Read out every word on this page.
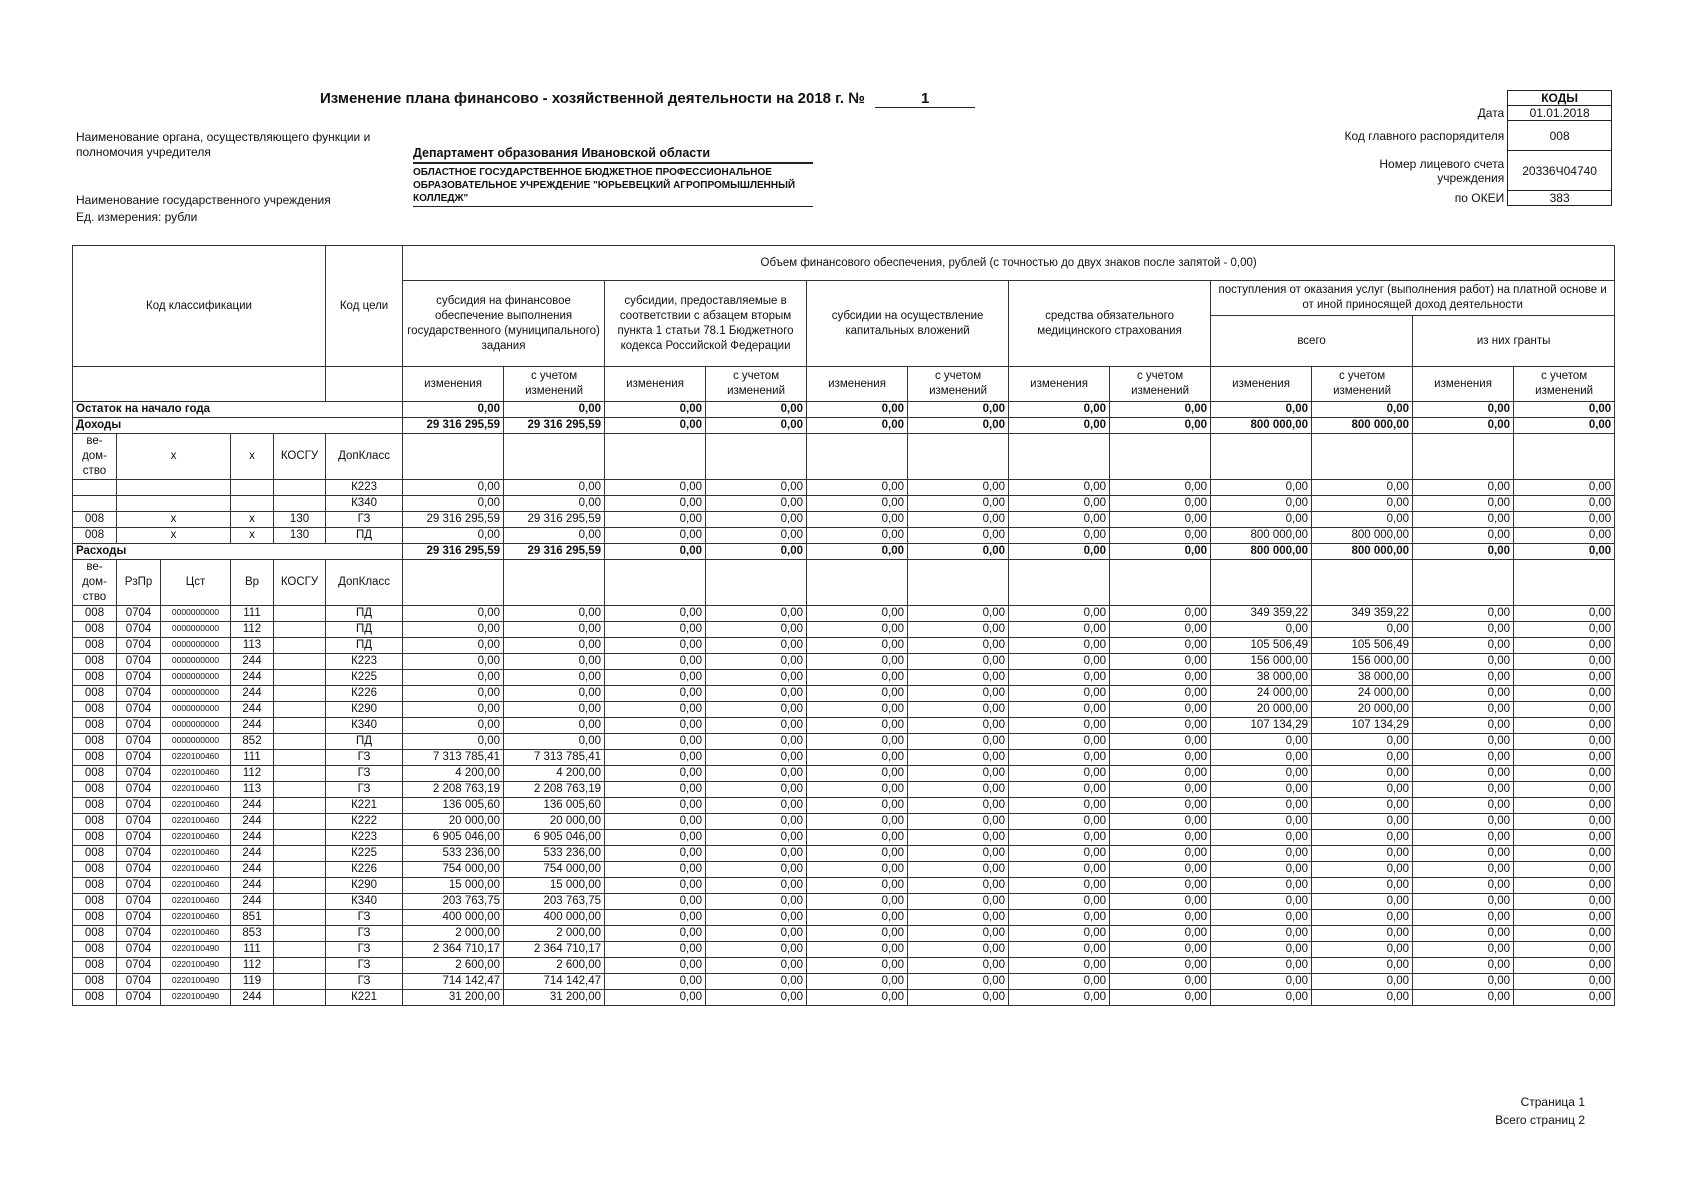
Изменение плана финансово - хозяйственной деятельности на 2018 г. №	1
Наименование органа, осуществляющего функции и полномочия учредителя	Департамент образования Ивановской области
ОБЛАСТНОЕ ГОСУДАРСТВЕННОЕ БЮДЖЕТНОЕ ПРОФЕССИОНАЛЬНОЕ ОБРАЗОВАТЕЛЬНОЕ УЧРЕЖДЕНИЕ "ЮРЬЕВЕЦКИЙ АГРОПРОМЫШЛЕННЫЙ КОЛЛЕДЖ"
Наименование государственного учреждения
Ед. измерения: рубли
	КОДЫ
Дата	01.01.2018
Код главного распорядителя	008
Номер лицевого счета учреждения	20336Ч04740
по ОКЕИ	383
Код классификации					Код цели	Объем финансового обеспечения, рублей (с точностью до двух знаков после запятой - 0,00)											
						субсидия на финансовое обеспечение выполнения государственного (муниципального) задания		субсидии, предоставляемые в соответствии с абзацем вторым пункта 1 статьи 78.1 Бюджетного кодекса Российской Федерации		субсидии на осуществление капитальных вложений		средства обязательного медицинского страхования		поступления от оказания услуг (выполнения работ) на платной основе и от иной приносящей доход деятельности			
														всего		из них гранты	
						изменения	с учетом изменений	изменения	с учетом изменений	изменения	с учетом изменений	изменения	с учетом изменений	изменения	с учетом изменений	изменения	с учетом изменений
Остаток на начало года						0,00	0,00	0,00	0,00	0,00	0,00	0,00	0,00	0,00	0,00	0,00	0,00
Доходы						29 316 295,59	29 316 295,59	0,00	0,00	0,00	0,00	0,00	0,00	800 000,00	800 000,00	0,00	0,00
ве-дом-ство	х		х	КОСГУ	ДопКласс												
					К223	0,00	0,00	0,00	0,00	0,00	0,00	0,00	0,00	0,00	0,00	0,00	0,00
					К340	0,00	0,00	0,00	0,00	0,00	0,00	0,00	0,00	0,00	0,00	0,00	0,00
008	х		х	130	ГЗ	29 316 295,59	29 316 295,59	0,00	0,00	0,00	0,00	0,00	0,00	0,00	0,00	0,00	0,00
008	х		х	130	ПД	0,00	0,00	0,00	0,00	0,00	0,00	0,00	0,00	800 000,00	800 000,00	0,00	0,00
Расходы						29 316 295,59	29 316 295,59	0,00	0,00	0,00	0,00	0,00	0,00	800 000,00	800 000,00	0,00	0,00
ве-дом-ство	РзПр	Цст	Вр	КОСГУ	ДопКласс												
008	0704	0000000000	111		ПД	0,00	0,00	0,00	0,00	0,00	0,00	0,00	0,00	349 359,22	349 359,22	0,00	0,00
008	0704	0000000000	112		ПД	0,00	0,00	0,00	0,00	0,00	0,00	0,00	0,00	0,00	0,00	0,00	0,00
008	0704	0000000000	113		ПД	0,00	0,00	0,00	0,00	0,00	0,00	0,00	0,00	105 506,49	105 506,49	0,00	0,00
008	0704	0000000000	244		К223	0,00	0,00	0,00	0,00	0,00	0,00	0,00	0,00	156 000,00	156 000,00	0,00	0,00
008	0704	0000000000	244		К225	0,00	0,00	0,00	0,00	0,00	0,00	0,00	0,00	38 000,00	38 000,00	0,00	0,00
008	0704	0000000000	244		К226	0,00	0,00	0,00	0,00	0,00	0,00	0,00	0,00	24 000,00	24 000,00	0,00	0,00
008	0704	0000000000	244		К290	0,00	0,00	0,00	0,00	0,00	0,00	0,00	0,00	20 000,00	20 000,00	0,00	0,00
008	0704	0000000000	244		К340	0,00	0,00	0,00	0,00	0,00	0,00	0,00	0,00	107 134,29	107 134,29	0,00	0,00
008	0704	0000000000	852		ПД	0,00	0,00	0,00	0,00	0,00	0,00	0,00	0,00	0,00	0,00	0,00	0,00
008	0704	0220100460	111		ГЗ	7 313 785,41	7 313 785,41	0,00	0,00	0,00	0,00	0,00	0,00	0,00	0,00	0,00	0,00
008	0704	0220100460	112		ГЗ	4 200,00	4 200,00	0,00	0,00	0,00	0,00	0,00	0,00	0,00	0,00	0,00	0,00
008	0704	0220100460	113		ГЗ	2 208 763,19	2 208 763,19	0,00	0,00	0,00	0,00	0,00	0,00	0,00	0,00	0,00	0,00
008	0704	0220100460	244		К221	136 005,60	136 005,60	0,00	0,00	0,00	0,00	0,00	0,00	0,00	0,00	0,00	0,00
008	0704	0220100460	244		К222	20 000,00	20 000,00	0,00	0,00	0,00	0,00	0,00	0,00	0,00	0,00	0,00	0,00
008	0704	0220100460	244		К223	6 905 046,00	6 905 046,00	0,00	0,00	0,00	0,00	0,00	0,00	0,00	0,00	0,00	0,00
008	0704	0220100460	244		К225	533 236,00	533 236,00	0,00	0,00	0,00	0,00	0,00	0,00	0,00	0,00	0,00	0,00
008	0704	0220100460	244		К226	754 000,00	754 000,00	0,00	0,00	0,00	0,00	0,00	0,00	0,00	0,00	0,00	0,00
008	0704	0220100460	244		К290	15 000,00	15 000,00	0,00	0,00	0,00	0,00	0,00	0,00	0,00	0,00	0,00	0,00
008	0704	0220100460	244		К340	203 763,75	203 763,75	0,00	0,00	0,00	0,00	0,00	0,00	0,00	0,00	0,00	0,00
008	0704	0220100460	851		ГЗ	400 000,00	400 000,00	0,00	0,00	0,00	0,00	0,00	0,00	0,00	0,00	0,00	0,00
008	0704	0220100460	853		ГЗ	2 000,00	2 000,00	0,00	0,00	0,00	0,00	0,00	0,00	0,00	0,00	0,00	0,00
008	0704	0220100490	111		ГЗ	2 364 710,17	2 364 710,17	0,00	0,00	0,00	0,00	0,00	0,00	0,00	0,00	0,00	0,00
008	0704	0220100490	112		ГЗ	2 600,00	2 600,00	0,00	0,00	0,00	0,00	0,00	0,00	0,00	0,00	0,00	0,00
008	0704	0220100490	119		ГЗ	714 142,47	714 142,47	0,00	0,00	0,00	0,00	0,00	0,00	0,00	0,00	0,00	0,00
008	0704	0220100490	244		К221	31 200,00	31 200,00	0,00	0,00	0,00	0,00	0,00	0,00	0,00	0,00	0,00	0,00
Страница 1
Всего страниц 2
